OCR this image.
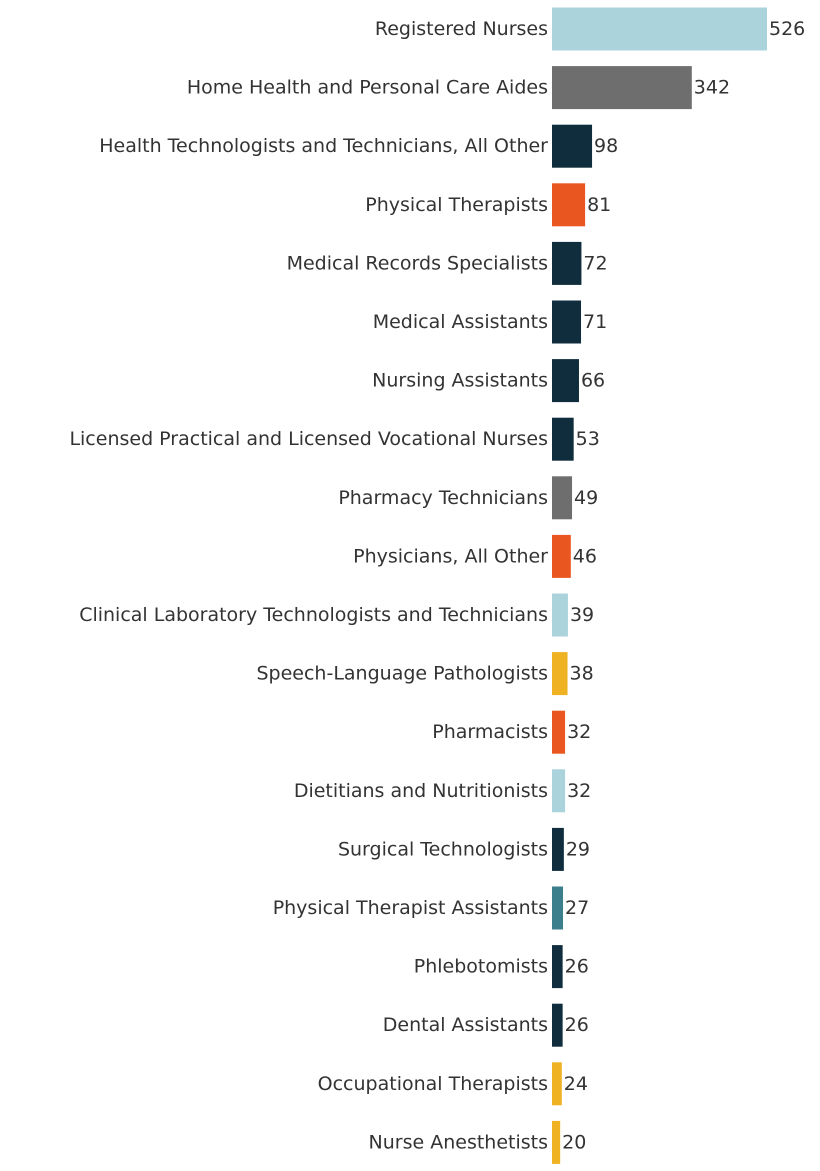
Registered Nurses	526
Home Health and Personal Care Aides	342
Health Technologists and Technicians, All Other 98
Physical Therapists 81
Medical Records Specialists 72
Medical Assistants 71
Nursing Assistants 66
Licensed Practical and Licensed Vocational Nurses 53
Pharmacy Technicians 49
Physicians, All Other 46
Clinical Laboratory Technologists and Technicians 39
Speech-Language Pathologists 38
Pharmacists 32
Dietitians and Nutritionists 32
Surgical Technologists 29
Physical Therapist Assistants 27
Phlebotomists 26
Dental Assistants 26
Occupational Therapists 24
Nurse Anesthetists 20
